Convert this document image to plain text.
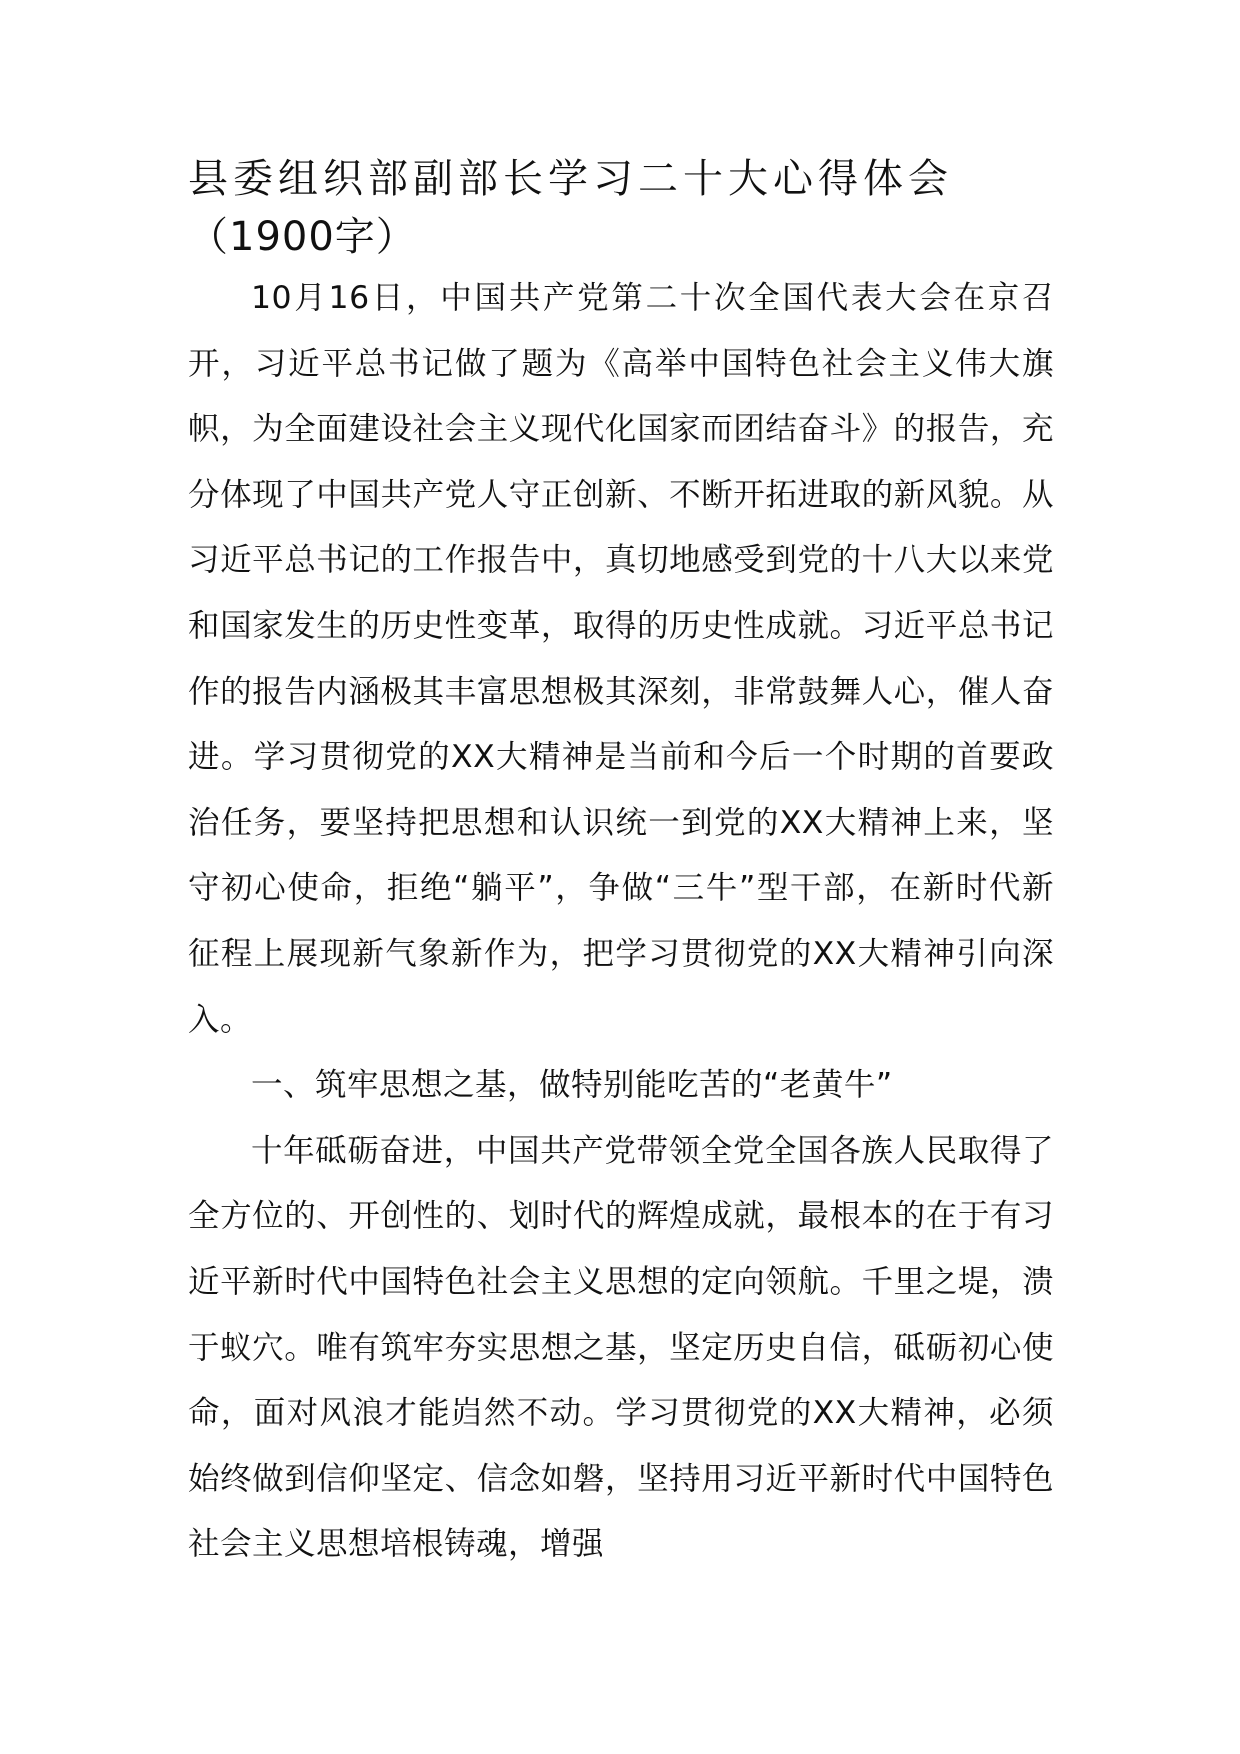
县委组织部副部长学习二十大心得体会
（1900字）

10月16日，中国共产党第二十次全国代表大会在京召开，习近平总书记做了题为《高举中国特色社会主义伟大旗帜，为全面建设社会主义现代化国家而团结奋斗》的报告，充分体现了中国共产党人守正创新、不断开拓进取的新风貌。从习近平总书记的工作报告中，真切地感受到党的十八大以来党和国家发生的历史性变革，取得的历史性成就。习近平总书记作的报告内涵极其丰富思想极其深刻，非常鼓舞人心，催人奋进。学习贯彻党的XX大精神是当前和今后一个时期的首要政治任务，要坚持把思想和认识统一到党的XX大精神上来，坚守初心使命，拒绝“躺平”，争做“三牛”型干部，在新时代新征程上展现新气象新作为，把学习贯彻党的XX大精神引向深入。

一、筑牢思想之基，做特别能吃苦的“老黄牛”

十年砥砺奋进，中国共产党带领全党全国各族人民取得了全方位的、开创性的、划时代的辉煌成就，最根本的在于有习近平新时代中国特色社会主义思想的定向领航。千里之堤，溃于蚁穴。唯有筑牢夯实思想之基，坚定历史自信，砥砺初心使命，面对风浪才能岿然不动。学习贯彻党的XX大精神，必须始终做到信仰坚定、信念如磐，坚持用习近平新时代中国特色社会主义思想培根铸魂，增强
